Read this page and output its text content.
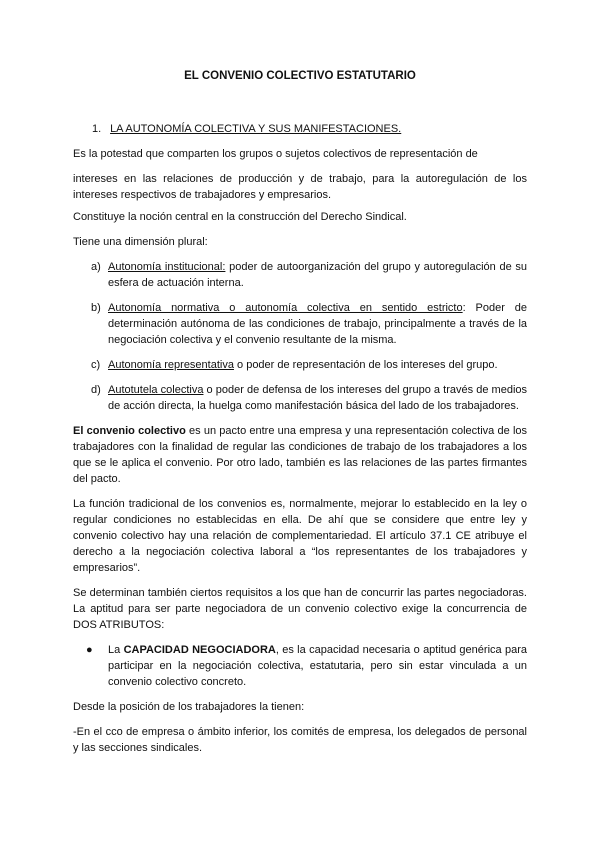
EL CONVENIO COLECTIVO ESTATUTARIO
1. LA AUTONOMÍA COLECTIVA Y SUS MANIFESTACIONES.

Es la potestad que comparten los grupos o sujetos colectivos de representación de

intereses en las relaciones de producción y de trabajo, para la autoregulación de los intereses respectivos de trabajadores y empresarios.

Constituye la noción central en la construcción del Derecho Sindical.

Tiene una dimensión plural:

a) Autonomía institucional: poder de autoorganización del grupo y autoregulación de su esfera de actuación interna.
b) Autonomía normativa o autonomía colectiva en sentido estricto: Poder de determinación autónoma de las condiciones de trabajo, principalmente a través de la negociación colectiva y el convenio resultante de la misma.
c) Autonomía representativa o poder de representación de los intereses del grupo.
d) Autotutela colectiva o poder de defensa de los intereses del grupo a través de medios de acción directa, la huelga como manifestación básica del lado de los trabajadores.

El convenio colectivo es un pacto entre una empresa y una representación colectiva de los trabajadores con la finalidad de regular las condiciones de trabajo de los trabajadores a los que se le aplica el convenio. Por otro lado, también es las relaciones de las partes firmantes del pacto.

La función tradicional de los convenios es, normalmente, mejorar lo establecido en la ley o regular condiciones no establecidas en ella. De ahí que se considere que entre ley y convenio colectivo hay una relación de complementariedad. El artículo 37.1 CE atribuye el derecho a la negociación colectiva laboral a “los representantes de los trabajadores y empresarios”.

Se determinan también ciertos requisitos a los que han de concurrir las partes negociadoras. La aptitud para ser parte negociadora de un convenio colectivo exige la concurrencia de DOS ATRIBUTOS:

● La CAPACIDAD NEGOCIADORA, es la capacidad necesaria o aptitud genérica para participar en la negociación colectiva, estatutaria, pero sin estar vinculada a un convenio colectivo concreto.

Desde la posición de los trabajadores la tienen:

-En el cco de empresa o ámbito inferior, los comités de empresa, los delegados de personal y las secciones sindicales.
